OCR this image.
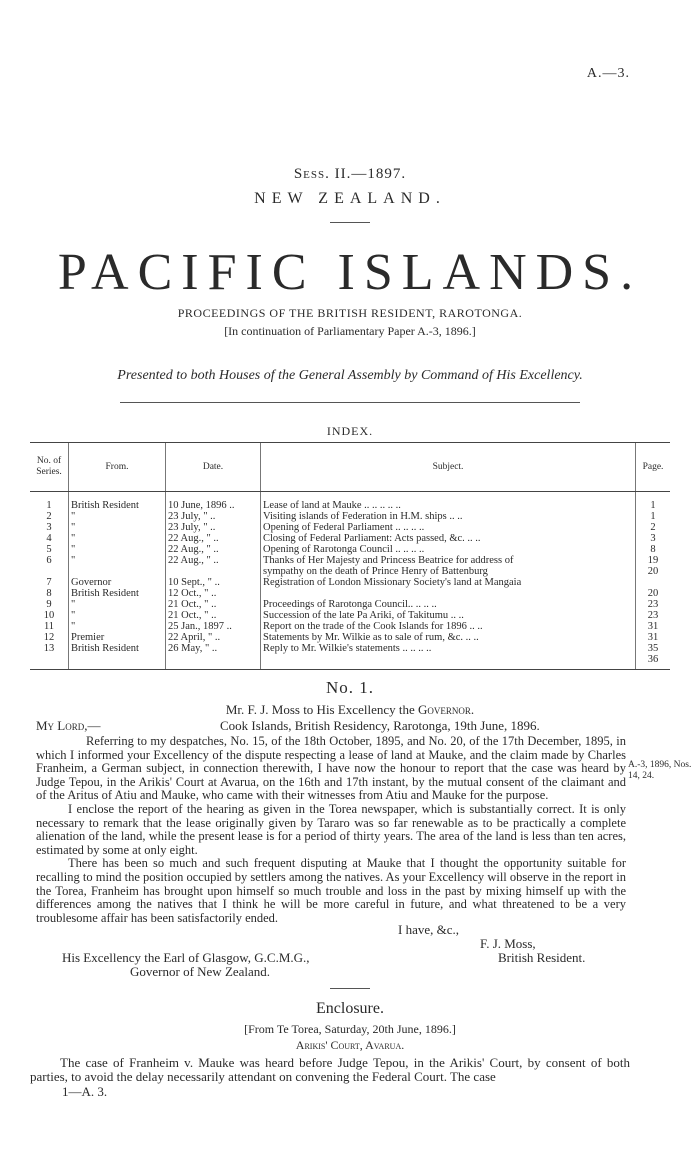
A.—3.
Sess. II.—1897.
NEW ZEALAND.
PACIFIC ISLANDS.
PROCEEDINGS OF THE BRITISH RESIDENT, RAROTONGA.
[In continuation of Parliamentary Paper A.-3, 1896.]
Presented to both Houses of the General Assembly by Command of His Excellency.
INDEX.
No. of Series.	From.	Date.	Subject.	Page.
1	British Resident	10 June, 1896 ..	Lease of land at Mauke .. .. .. .. ..	1
2	"	23 July, " ..	Visiting islands of Federation in H.M. ships .. ..	1
3	"	23 July, " ..	Opening of Federal Parliament .. .. .. ..	2
4	"	22 Aug., " ..	Closing of Federal Parliament: Acts passed, &c. .. ..	3
5	"	22 Aug., " ..	Opening of Rarotonga Council .. .. .. ..	8
6	"	22 Aug., " ..	Thanks of Her Majesty and Princess Beatrice for address of	19
			sympathy on the death of Prince Henry of Battenburg	20
7	Governor	10 Sept., " ..	Registration of London Missionary Society's land at Mangaia	
8	British Resident	12 Oct., " ..		20
9	"	21 Oct., " ..	Proceedings of Rarotonga Council.. .. .. ..	23
10	"	21 Oct., " ..	Succession of the late Pa Ariki, of Takitumu .. ..	23
11	"	25 Jan., 1897 ..	Report on the trade of the Cook Islands for 1896 .. ..	31
12	Premier	22 April, " ..	Statements by Mr. Wilkie as to sale of rum, &c. .. ..	31
13	British Resident	26 May, " ..	Reply to Mr. Wilkie's statements .. .. .. ..	35
				36
No. 1.
Mr. F. J. Moss to His Excellency the Governor.
My Lord,—	Cook Islands, British Residency, Rarotonga, 19th June, 1896.

Referring to my despatches, No. 15, of the 18th October, 1895, and No. 20, of the 17th December, 1895, in which I informed your Excellency of the dispute respecting a lease of land at Mauke, and the claim made by Charles Franheim, a German subject, in connection therewith, I have now the honour to report that the case was heard by Judge Tepou, in the Arikis' Court at Avarua, on the 16th and 17th instant, by the mutual consent of the claimant and of the Aritus of Atiu and Mauke, who came with their witnesses from Atiu and Mauke for the purpose.

I enclose the report of the hearing as given in the Torea newspaper, which is substantially correct. It is only necessary to remark that the lease originally given by Tararo was so far renewable as to be practically a complete alienation of the land, while the present lease is for a period of thirty years. The area of the land is less than ten acres, estimated by some at only eight.

There has been so much and such frequent disputing at Mauke that I thought the opportunity suitable for recalling to mind the position occupied by settlers among the natives. As your Excellency will observe in the report in the Torea, Franheim has brought upon himself so much trouble and loss in the past by mixing himself up with the differences among the natives that I think he will be more careful in future, and what threatened to be a very troublesome affair has been satisfactorily ended.

A.-3, 1896, Nos. 14, 24.
I have, &c.,
F. J. Moss,
His Excellency the Earl of Glasgow, G.C.M.G.,	British Resident.
Governor of New Zealand.
Enclosure.
[From Te Torea, Saturday, 20th June, 1896.]
Arikis' Court, Avarua.

The case of Franheim v. Mauke was heard before Judge Tepou, in the Arikis' Court, by consent of both parties, to avoid the delay necessarily attendant on convening the Federal Court. The case

1—A. 3.
